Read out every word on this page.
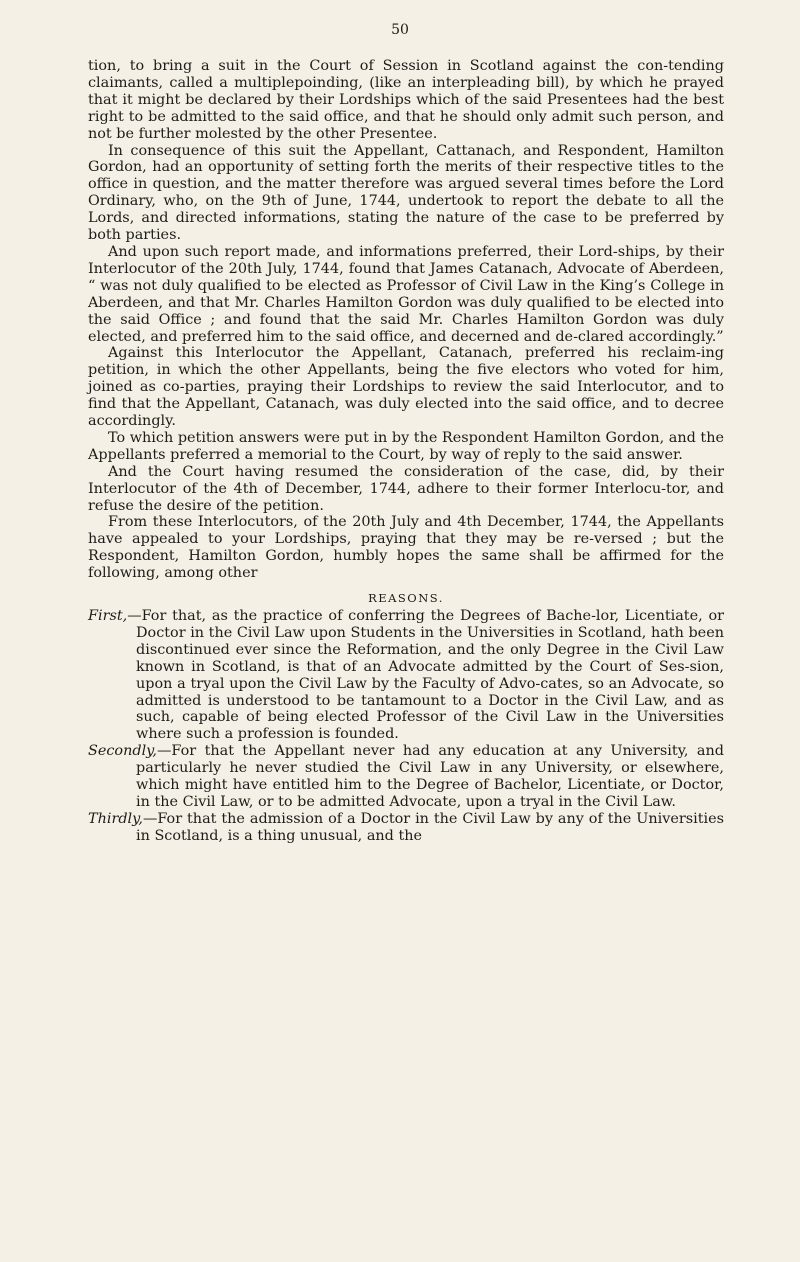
50

tion, to bring a suit in the Court of Session in Scotland against the con-tending claimants, called a multiplepoinding, (like an interpleading bill), by which he prayed that it might be declared by their Lordships which of the said Presentees had the best right to be admitted to the said office, and that he should only admit such person, and not be further molested by the other Presentee.

In consequence of this suit the Appellant, Cattanach, and Respondent, Hamilton Gordon, had an opportunity of setting forth the merits of their respective titles to the office in question, and the matter therefore was argued several times before the Lord Ordinary, who, on the 9th of June, 1744, undertook to report the debate to all the Lords, and directed informations, stating the nature of the case to be preferred by both parties.

And upon such report made, and informations preferred, their Lord-ships, by their Interlocutor of the 20th July, 1744, found that James Catanach, Advocate of Aberdeen, “ was not duly qualified to be elected as Professor of Civil Law in the King’s College in Aberdeen, and that Mr. Charles Hamilton Gordon was duly qualified to be elected into the said Office ; and found that the said Mr. Charles Hamilton Gordon was duly elected, and preferred him to the said office, and decerned and de-clared accordingly.”

Against this Interlocutor the Appellant, Catanach, preferred his reclaim-ing petition, in which the other Appellants, being the five electors who voted for him, joined as co-parties, praying their Lordships to review the said Interlocutor, and to find that the Appellant, Catanach, was duly elected into the said office, and to decree accordingly.

To which petition answers were put in by the Respondent Hamilton Gordon, and the Appellants preferred a memorial to the Court, by way of reply to the said answer.

And the Court having resumed the consideration of the case, did, by their Interlocutor of the 4th of December, 1744, adhere to their former Interlocu-tor, and refuse the desire of the petition.

From these Interlocutors, of the 20th July and 4th December, 1744, the Appellants have appealed to your Lordships, praying that they may be re-versed ; but the Respondent, Hamilton Gordon, humbly hopes the same shall be affirmed for the following, among other

REASONS.

First,—For that, as the practice of conferring the Degrees of Bache-lor, Licentiate, or Doctor in the Civil Law upon Students in the Universities in Scotland, hath been discontinued ever since the Reformation, and the only Degree in the Civil Law known in Scotland, is that of an Advocate admitted by the Court of Ses-sion, upon a tryal upon the Civil Law by the Faculty of Advo-cates, so an Advocate, so admitted is understood to be tantamount to a Doctor in the Civil Law, and as such, capable of being elected Professor of the Civil Law in the Universities where such a profession is founded.

Secondly,—For that the Appellant never had any education at any University, and particularly he never studied the Civil Law in any University, or elsewhere, which might have entitled him to the Degree of Bachelor, Licentiate, or Doctor, in the Civil Law, or to be admitted Advocate, upon a tryal in the Civil Law.

Thirdly,—For that the admission of a Doctor in the Civil Law by any of the Universities in Scotland, is a thing unusual, and the
